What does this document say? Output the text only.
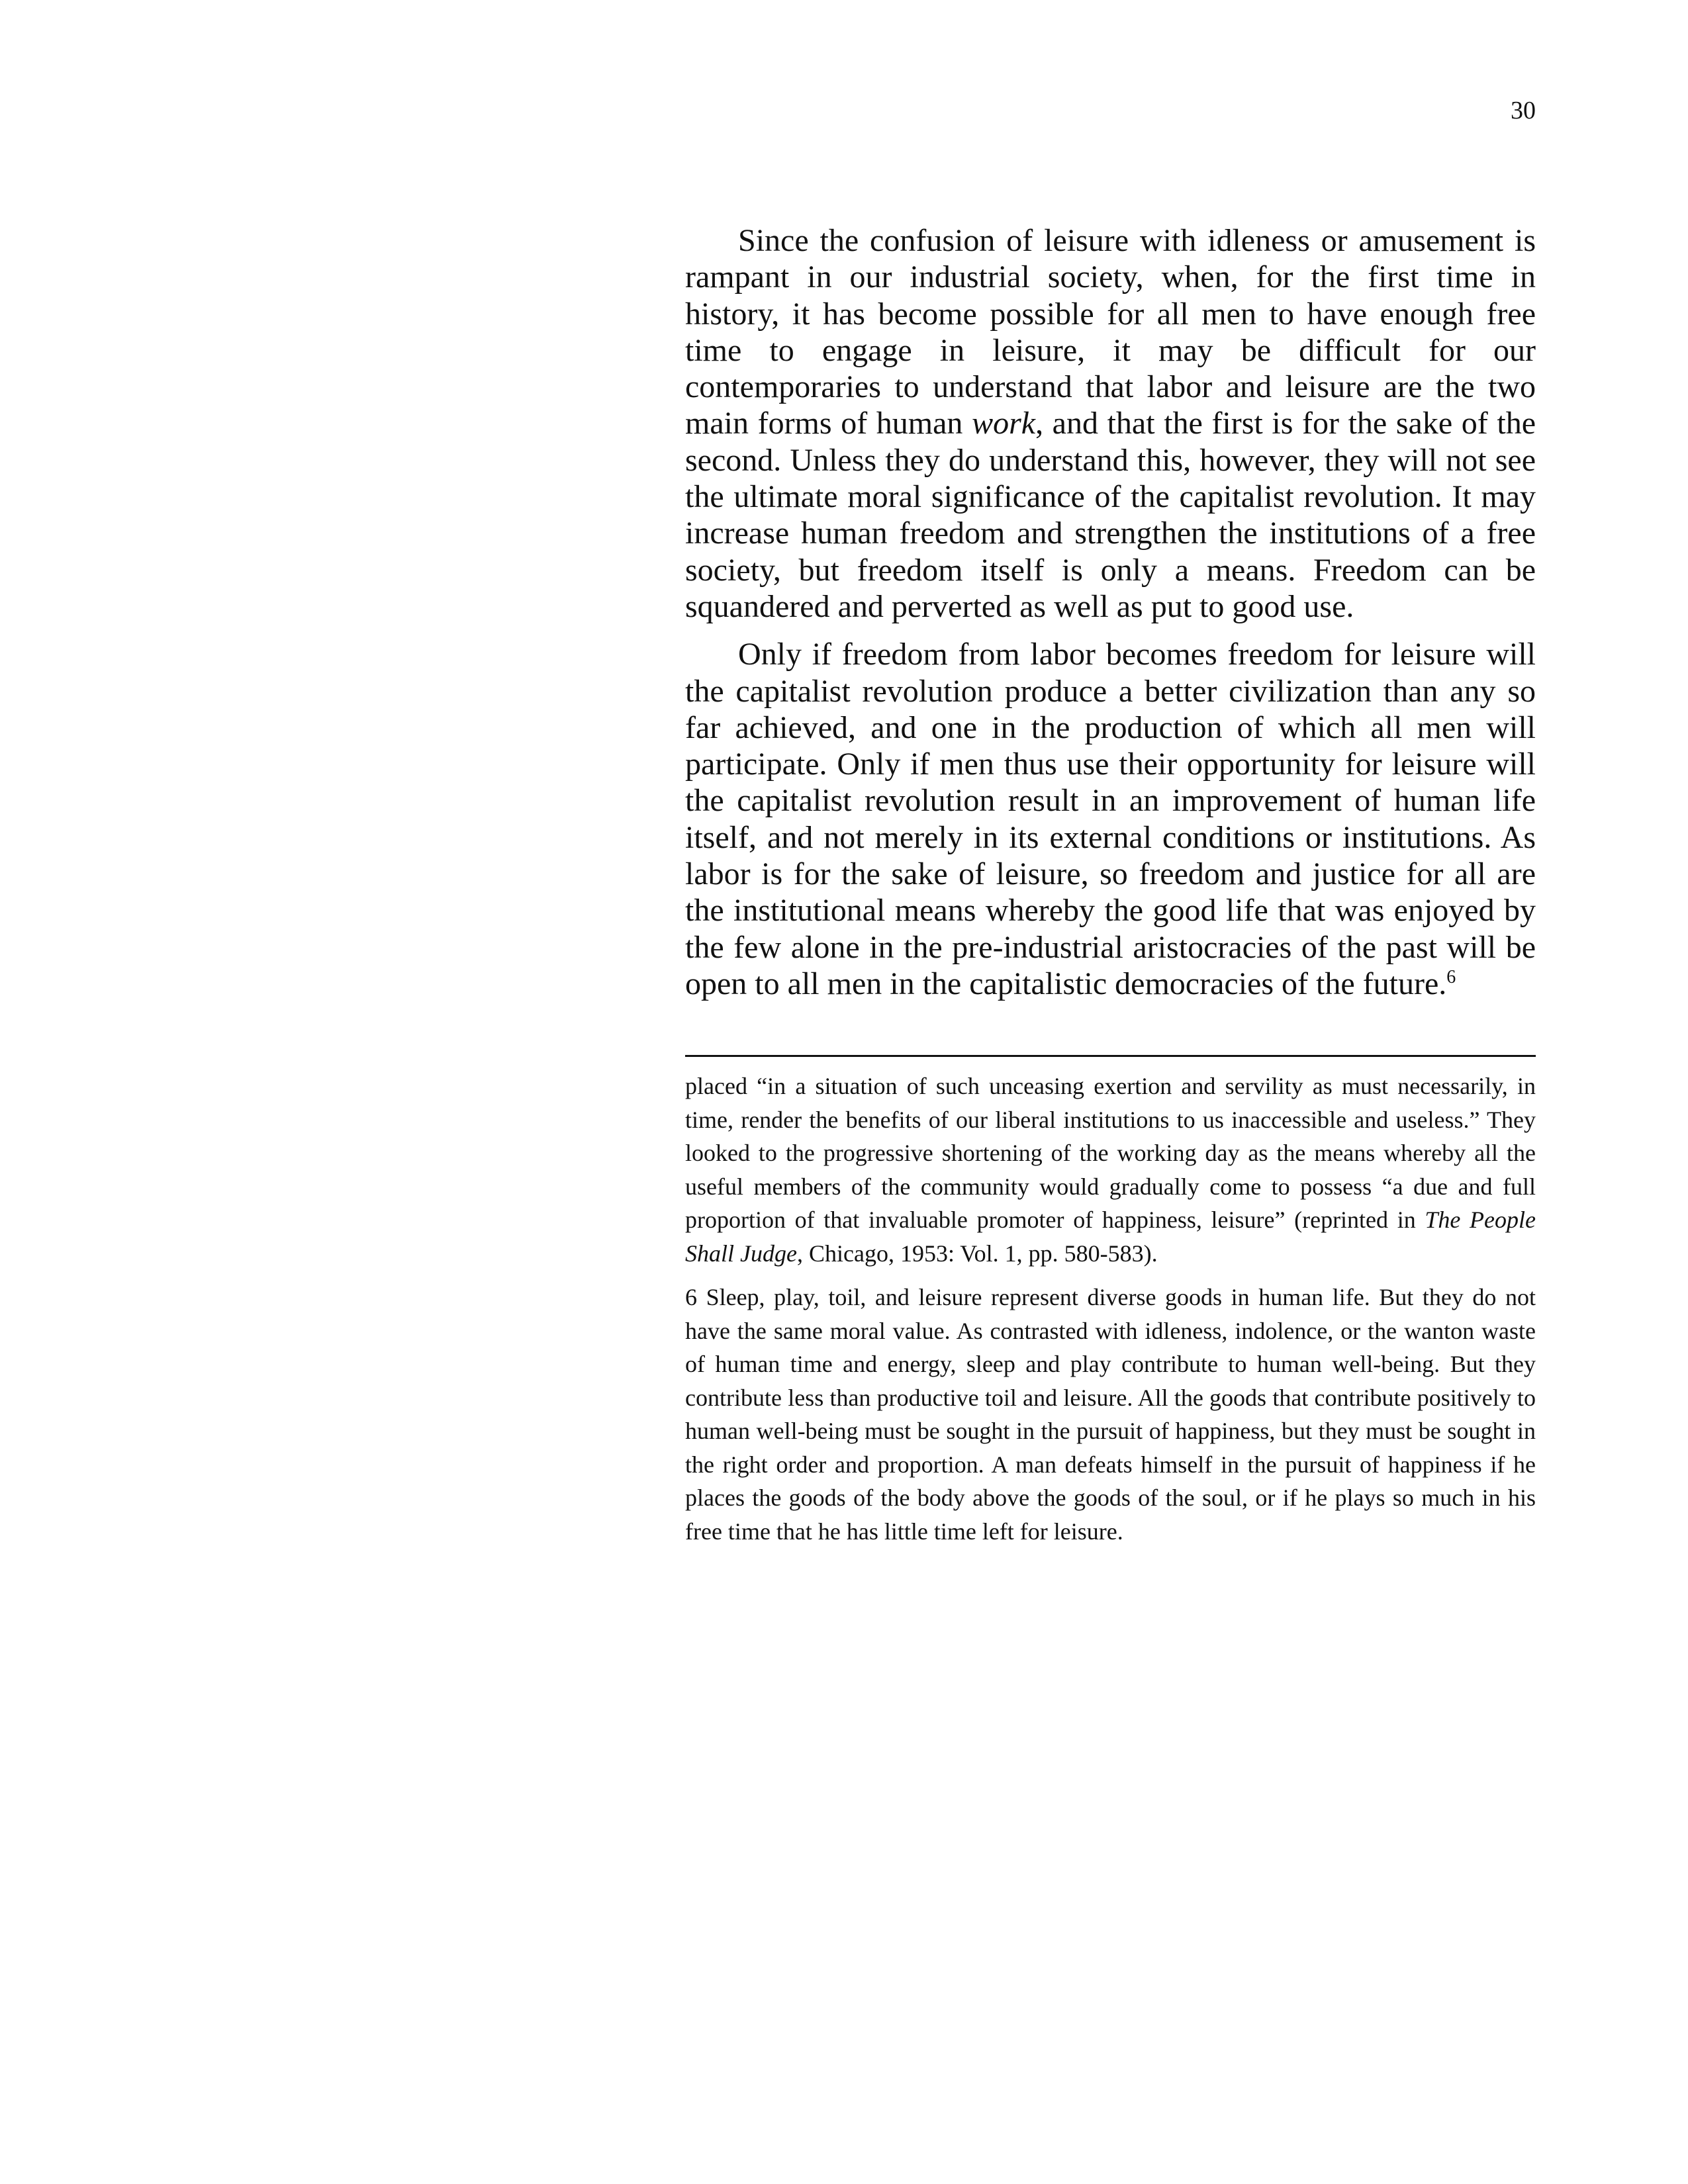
30

Since the confusion of leisure with idleness or amusement is rampant in our industrial society, when, for the first time in history, it has become possible for all men to have enough free time to engage in leisure, it may be difficult for our contemporaries to understand that labor and leisure are the two main forms of human work, and that the first is for the sake of the second. Unless they do understand this, however, they will not see the ultimate moral significance of the capitalist revolution. It may increase human freedom and strengthen the institutions of a free society, but freedom itself is only a means. Freedom can be squandered and perverted as well as put to good use.

Only if freedom from labor becomes freedom for leisure will the capitalist revolution produce a better civilization than any so far achieved, and one in the production of which all men will participate. Only if men thus use their opportunity for leisure will the capitalist revolution result in an improvement of human life itself, and not merely in its external conditions or institutions. As labor is for the sake of leisure, so freedom and justice for all are the institutional means whereby the good life that was enjoyed by the few alone in the pre-industrial aristocracies of the past will be open to all men in the capitalistic democracies of the future.$^6$

placed “in a situation of such unceasing exertion and servility as must necessarily, in time, render the benefits of our liberal institutions to us inaccessible and useless.” They looked to the progressive shortening of the working day as the means whereby all the useful members of the community would gradually come to possess “a due and full proportion of that invaluable promoter of happiness, leisure” (reprinted in The People Shall Judge, Chicago, 1953: Vol. 1, pp. 580-583).

6 Sleep, play, toil, and leisure represent diverse goods in human life. But they do not have the same moral value. As contrasted with idleness, indolence, or the wanton waste of human time and energy, sleep and play contribute to human well-being. But they contribute less than productive toil and leisure. All the goods that contribute positively to human well-being must be sought in the pursuit of happiness, but they must be sought in the right order and proportion. A man defeats himself in the pursuit of happiness if he places the goods of the body above the goods of the soul, or if he plays so much in his free time that he has little time left for leisure.
